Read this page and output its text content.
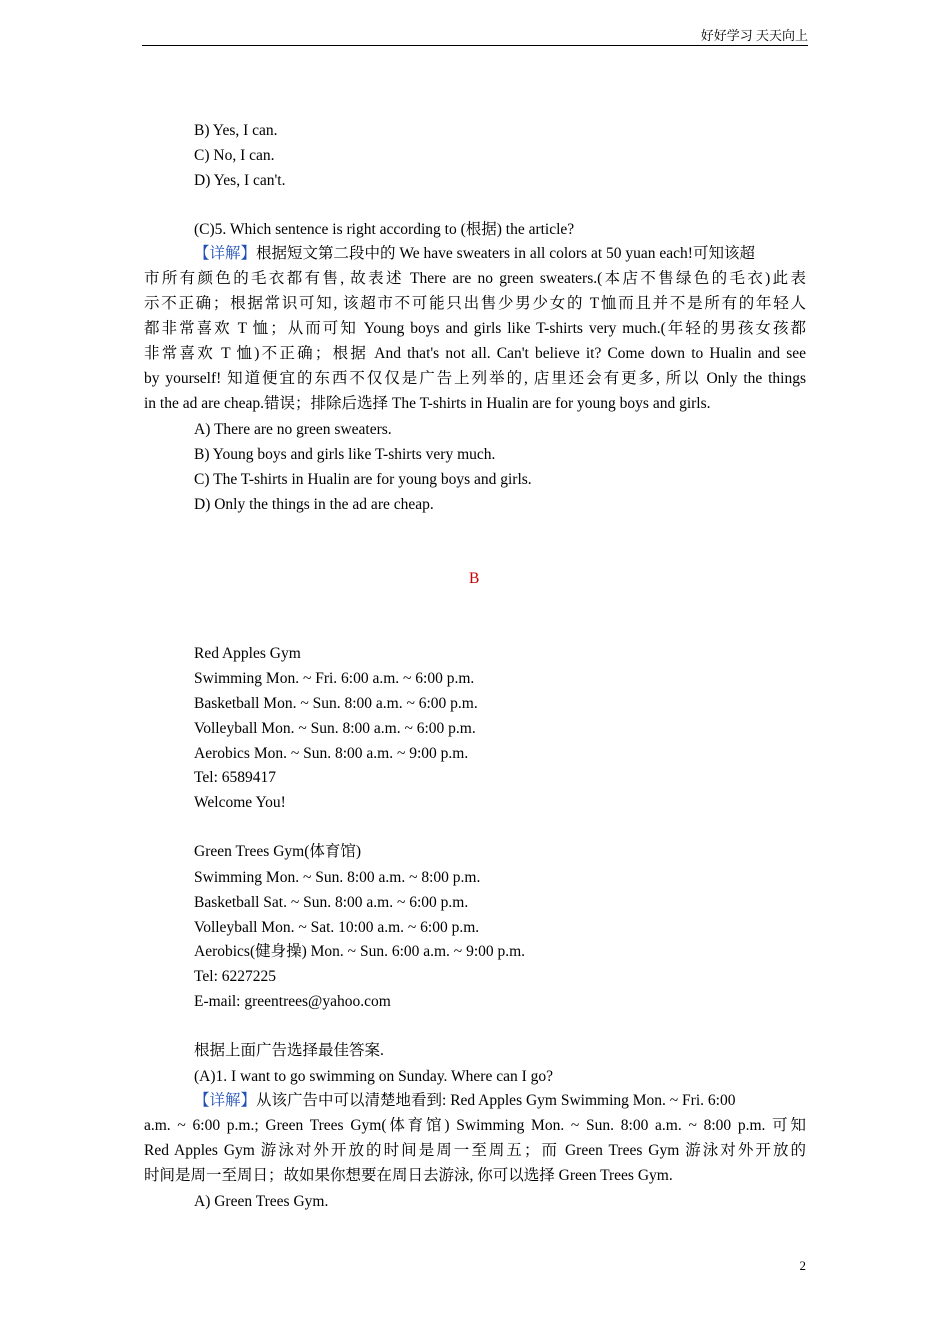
好好学习 天天向上
B) Yes, I can.
C) No, I can.
D) Yes, I can't.
(C)5. Which sentence is right according to (根据) the article?
【详解】根据短文第二段中的 We have sweaters in all colors at 50 yuan each!可知该超
市所有颜色的毛衣都有售, 故表述 There are no green sweaters.(本店不售绿色的毛衣)此表
示不正确；根据常识可知, 该超市不可能只出售少男少女的 T恤而且并不是所有的年轻人
都非常喜欢 T 恤；从而可知 Young boys and girls like T-shirts very much.(年轻的男孩女孩都
非常喜欢 T 恤)不正确；根据 And that's not all. Can't believe it? Come down to Hualin and see
by yourself! 知道便宜的东西不仅仅是广告上列举的, 店里还会有更多, 所以 Only the things
in the ad are cheap.错误；排除后选择 The T-shirts in Hualin are for young boys and girls.
A) There are no green sweaters.
B) Young boys and girls like T-shirts very much.
C) The T-shirts in Hualin are for young boys and girls.
D) Only the things in the ad are cheap.
B
Red Apples Gym
Swimming Mon. ~ Fri. 6:00 a.m. ~ 6:00 p.m.
Basketball Mon. ~ Sun. 8:00 a.m. ~ 6:00 p.m.
Volleyball Mon. ~ Sun. 8:00 a.m. ~ 6:00 p.m.
Aerobics Mon. ~ Sun. 8:00 a.m. ~ 9:00 p.m.
Tel: 6589417
Welcome You!
Green Trees Gym(体育馆)
Swimming Mon. ~ Sun. 8:00 a.m. ~ 8:00 p.m.
Basketball Sat. ~ Sun. 8:00 a.m. ~ 6:00 p.m.
Volleyball Mon. ~ Sat. 10:00 a.m. ~ 6:00 p.m.
Aerobics(健身操) Mon. ~ Sun. 6:00 a.m. ~ 9:00 p.m.
Tel: 6227225
E-mail: greentrees@yahoo.com
根据上面广告选择最佳答案.
(A)1. I want to go swimming on Sunday. Where can I go?
【详解】从该广告中可以清楚地看到: Red Apples Gym Swimming Mon. ~ Fri. 6:00
a.m. ~ 6:00 p.m.; Green Trees Gym(体育馆) Swimming Mon. ~ Sun. 8:00 a.m. ~ 8:00 p.m. 可知
Red Apples Gym 游泳对外开放的时间是周一至周五；而 Green Trees Gym 游泳对外开放的
时间是周一至周日；故如果你想要在周日去游泳, 你可以选择 Green Trees Gym.
A) Green Trees Gym.
2
